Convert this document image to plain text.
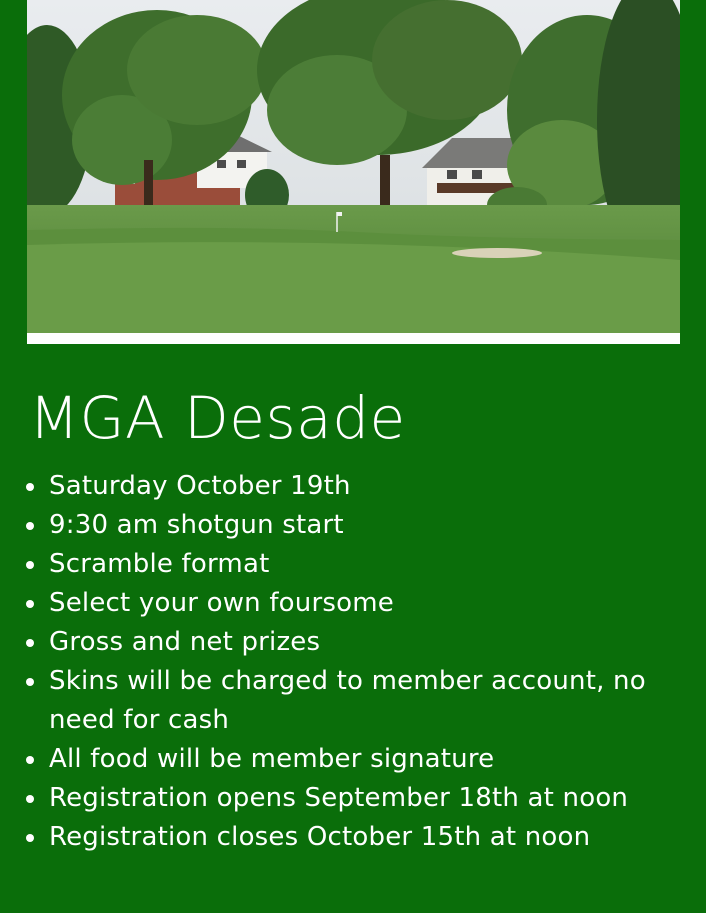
MGA Desade
Saturday October 19th
9:30 am shotgun start
Scramble format
Select your own foursome
Gross and net prizes
Skins will be charged to member account, no need for cash
All food will be member signature
Registration opens September 18th at noon
Registration closes October 15th at noon
